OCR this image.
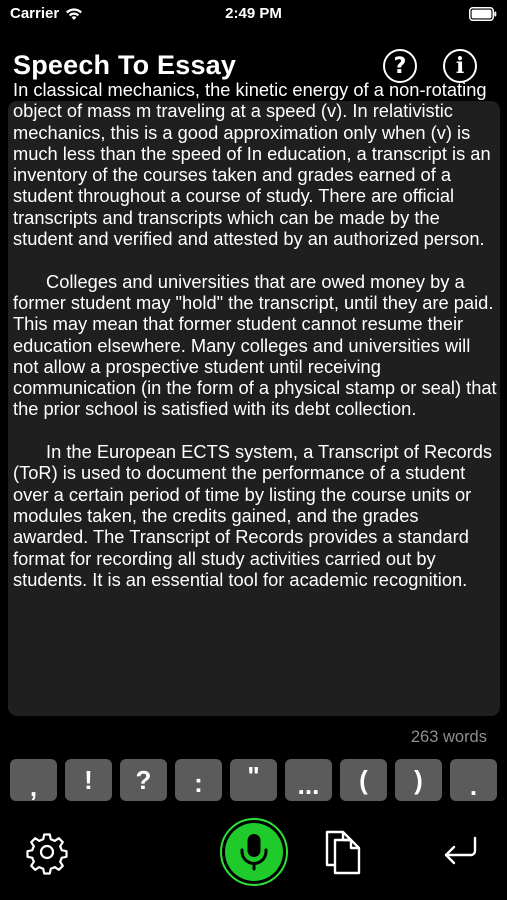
Carrier	2:49 PM
Speech To Essay	? i

In classical mechanics, the kinetic energy of a non-rotating object of mass m traveling at a speed (v). In relativistic mechanics, this is a good approximation only when (v) is much less than the speed of In education, a transcript is an inventory of the courses taken and grades earned of a student throughout a course of study. There are official transcripts and transcripts which can be made by the student and verified and attested by an authorized person.

Colleges and universities that are owed money by a former student may "hold" the transcript, until they are paid. This may mean that former student cannot resume their education elsewhere. Many colleges and universities will not allow a prospective student until receiving communication (in the form of a physical stamp or seal) that the prior school is satisfied with its debt collection.

In the European ECTS system, a Transcript of Records (ToR) is used to document the performance of a student over a certain period of time by listing the course units or modules taken, the credits gained, and the grades awarded. The Transcript of Records provides a standard format for recording all study activities carried out by students. It is an essential tool for academic recognition.

263 words
, ! ? : " ... ( ) .
